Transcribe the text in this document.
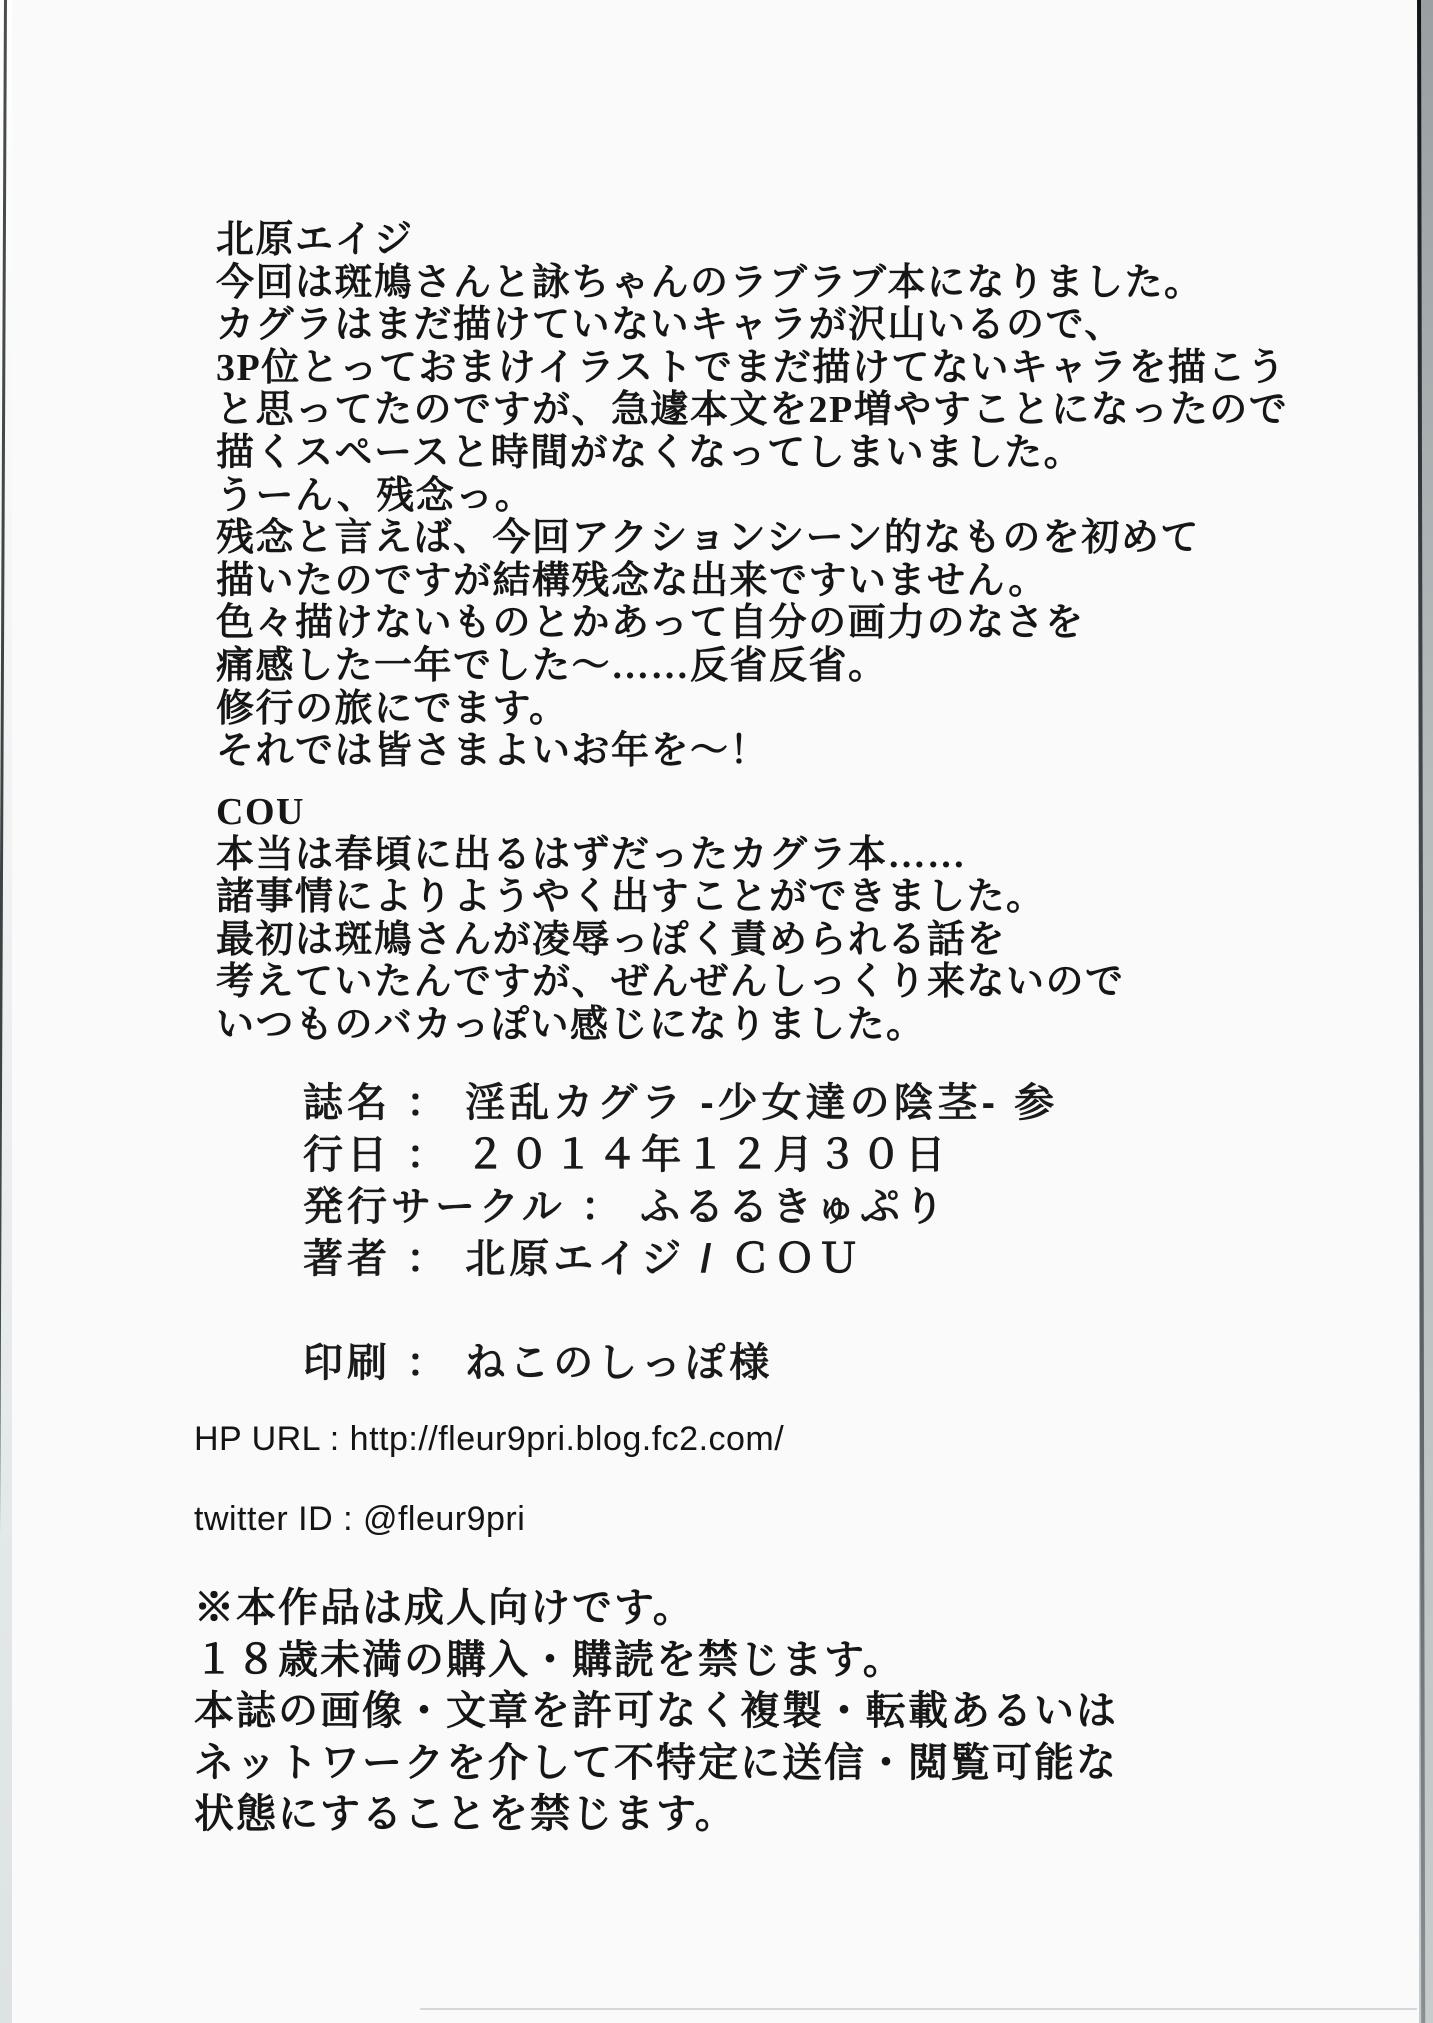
北原エイジ
今回は斑鳩さんと詠ちゃんのラブラブ本になりました。
カグラはまだ描けていないキャラが沢山いるので、
3P位とっておまけイラストでまだ描けてないキャラを描こう
と思ってたのですが、急遽本文を2P増やすことになったので
描くスペースと時間がなくなってしまいました。
うーん、残念っ。
残念と言えば、今回アクションシーン的なものを初めて
描いたのですが結構残念な出来ですいません。
色々描けないものとかあって自分の画力のなさを
痛感した一年でした～……反省反省。
修行の旅にでます。
それでは皆さまよいお年を～！
COU
本当は春頃に出るはずだったカグラ本……
諸事情によりようやく出すことができました。
最初は斑鳩さんが凌辱っぽく責められる話を
考えていたんですが、ぜんぜんしっくり来ないので
いつものバカっぽい感じになりました。
誌名 ： 淫乱カグラ -少女達の陰茎- 参
行日 ： ２０１４年１２月３０日
発行サークル ： ふるるきゅぷり
著者 ： 北原エイジ / ＣＯＵ
印刷 ： ねこのしっぽ様
HP URL : http://fleur9pri.blog.fc2.com/
twitter ID : @fleur9pri
※本作品は成人向けです。
１８歳未満の購入・購読を禁じます。
本誌の画像・文章を許可なく複製・転載あるいは
ネットワークを介して不特定に送信・閲覧可能な
状態にすることを禁じます。
